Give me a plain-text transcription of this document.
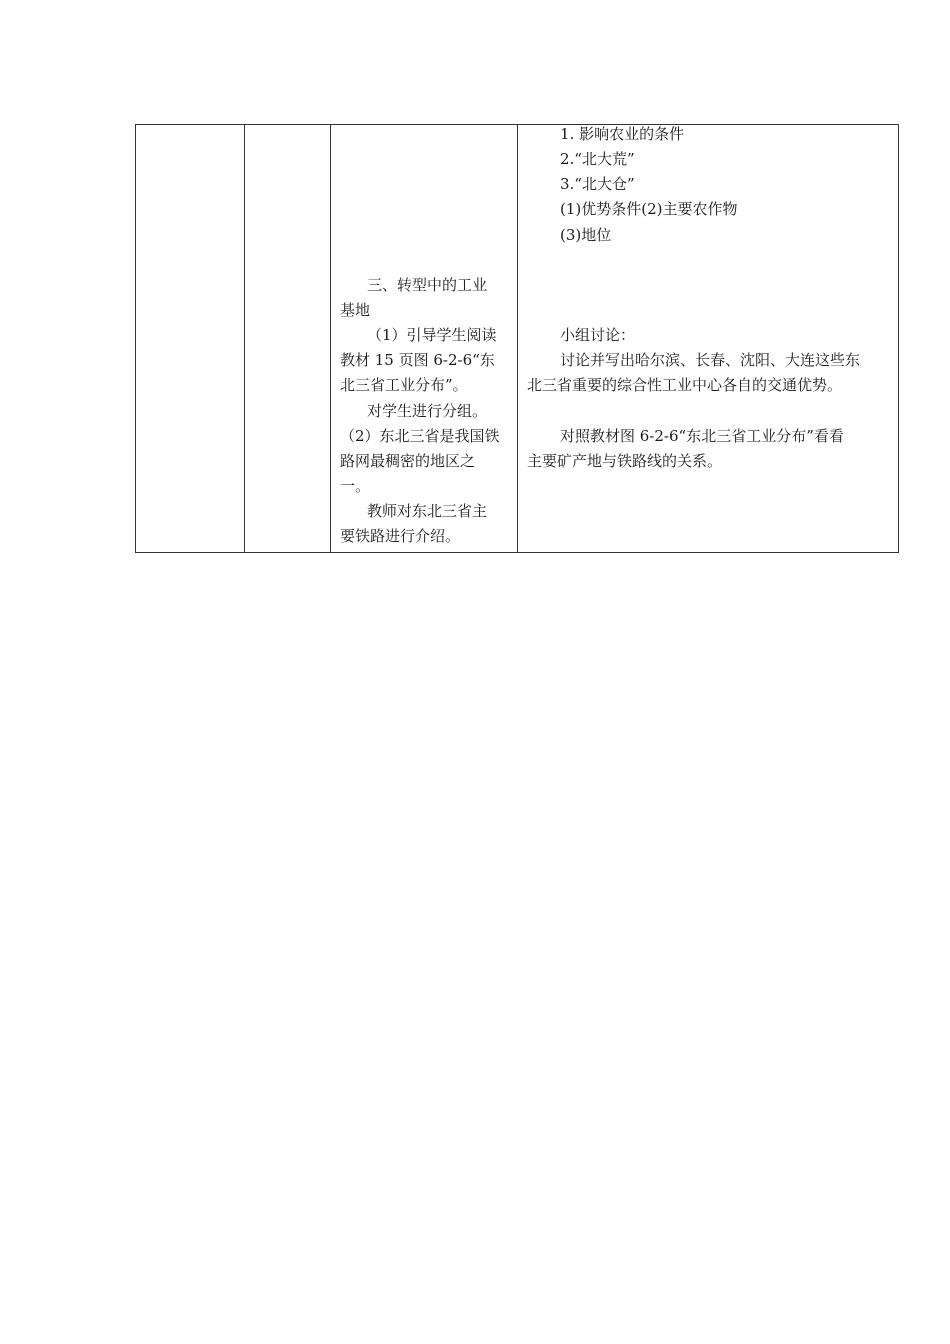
三、转型中的工业
基地
（1）引导学生阅读
教材 15 页图 6-2-6“东
北三省工业分布”。
对学生进行分组。
（2）东北三省是我国铁
路网最稠密的地区之
一。
教师对东北三省主
要铁路进行介绍。

1. 影响农业的条件
2.“北大荒”
3.“北大仓”
(1)优势条件(2)主要农作物
(3)地位
小组讨论：
讨论并写出哈尔滨、长春、沈阳、大连这些东
北三省重要的综合性工业中心各自的交通优势。
对照教材图 6-2-6“东北三省工业分布”看看
主要矿产地与铁路线的关系。
